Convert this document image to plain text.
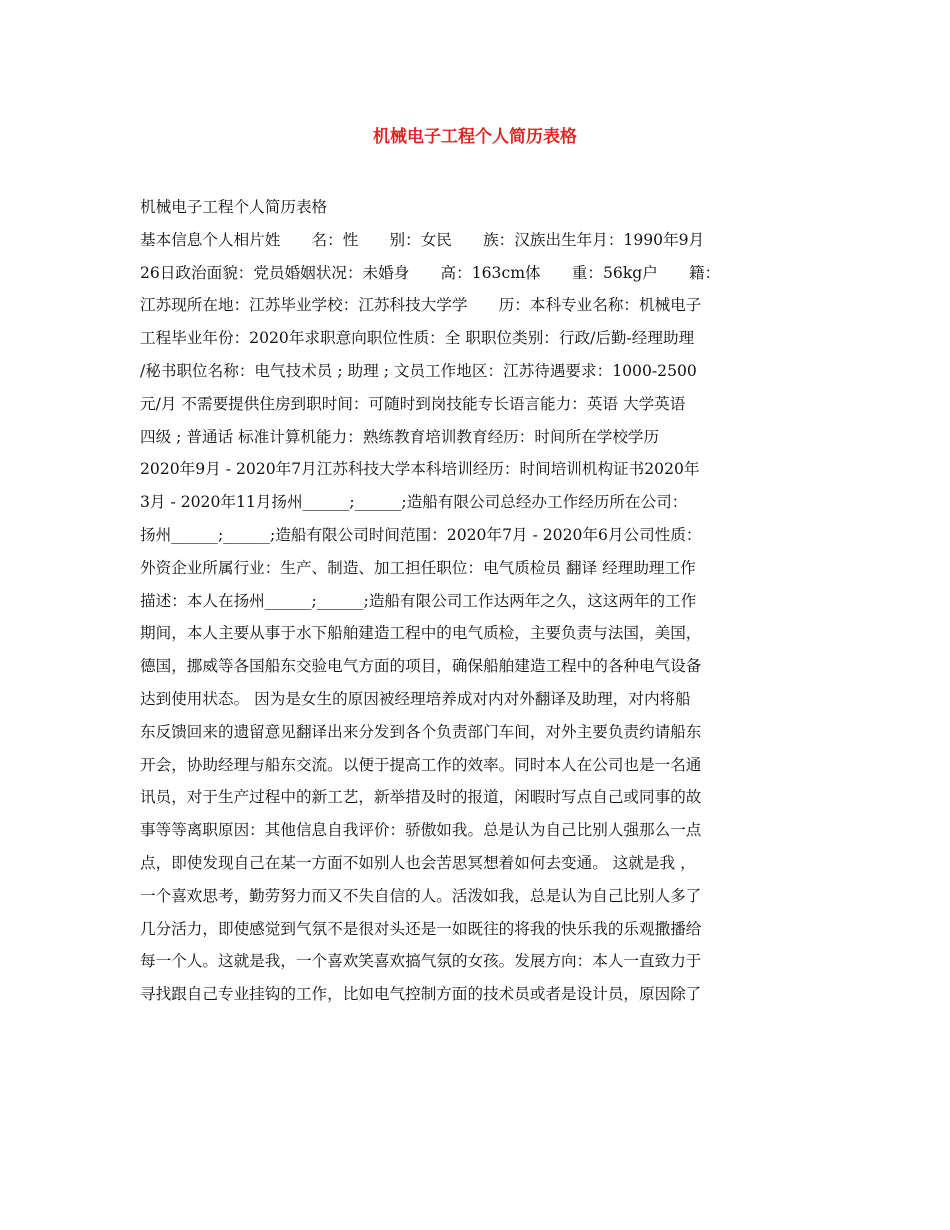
机械电子工程个人简历表格
机械电子工程个人简历表格
基本信息个人相片姓　　名：性　　别：女民　　族：汉族出生年月：1990年9月
26日政治面貌：党员婚姻状况：未婚身　　高：163cm体　　重：56kg户　　籍：
江苏现所在地：江苏毕业学校：江苏科技大学学　　历：本科专业名称：机械电子
工程毕业年份：2020年求职意向职位性质：全 职职位类别：行政/后勤-经理助理
/秘书职位名称：电气技术员 ; 助理 ; 文员工作地区：江苏待遇要求：1000-2500
元/月 不需要提供住房到职时间：可随时到岗技能专长语言能力：英语 大学英语
四级 ; 普通话 标准计算机能力：熟练教育培训教育经历：时间所在学校学历
2020年9月 - 2020年7月江苏科技大学本科培训经历：时间培训机构证书2020年
3月 - 2020年11月扬州______;______;造船有限公司总经办工作经历所在公司：
扬州______;______;造船有限公司时间范围：2020年7月 - 2020年6月公司性质：
外资企业所属行业：生产、制造、加工担任职位：电气质检员 翻译 经理助理工作
描述：本人在扬州______;______;造船有限公司工作达两年之久，这这两年的工作
期间，本人主要从事于水下船舶建造工程中的电气质检，主要负责与法国，美国，
德国，挪威等各国船东交验电气方面的项目，确保船舶建造工程中的各种电气设备
达到使用状态。 因为是女生的原因被经理培养成对内对外翻译及助理，对内将船
东反馈回来的遗留意见翻译出来分发到各个负责部门车间，对外主要负责约请船东
开会，协助经理与船东交流。以便于提高工作的效率。同时本人在公司也是一名通
讯员，对于生产过程中的新工艺，新举措及时的报道，闲暇时写点自己或同事的故
事等等离职原因：其他信息自我评价：骄傲如我。总是认为自己比别人强那么一点
点，即使发现自己在某一方面不如别人也会苦思冥想着如何去变通。 这就是我 ，
一个喜欢思考，勤劳努力而又不失自信的人。活泼如我，总是认为自己比别人多了
几分活力，即使感觉到气氛不是很对头还是一如既往的将我的快乐我的乐观撒播给
每一个人。这就是我，一个喜欢笑喜欢搞气氛的女孩。发展方向：本人一直致力于
寻找跟自己专业挂钩的工作，比如电气控制方面的技术员或者是设计员，原因除了
